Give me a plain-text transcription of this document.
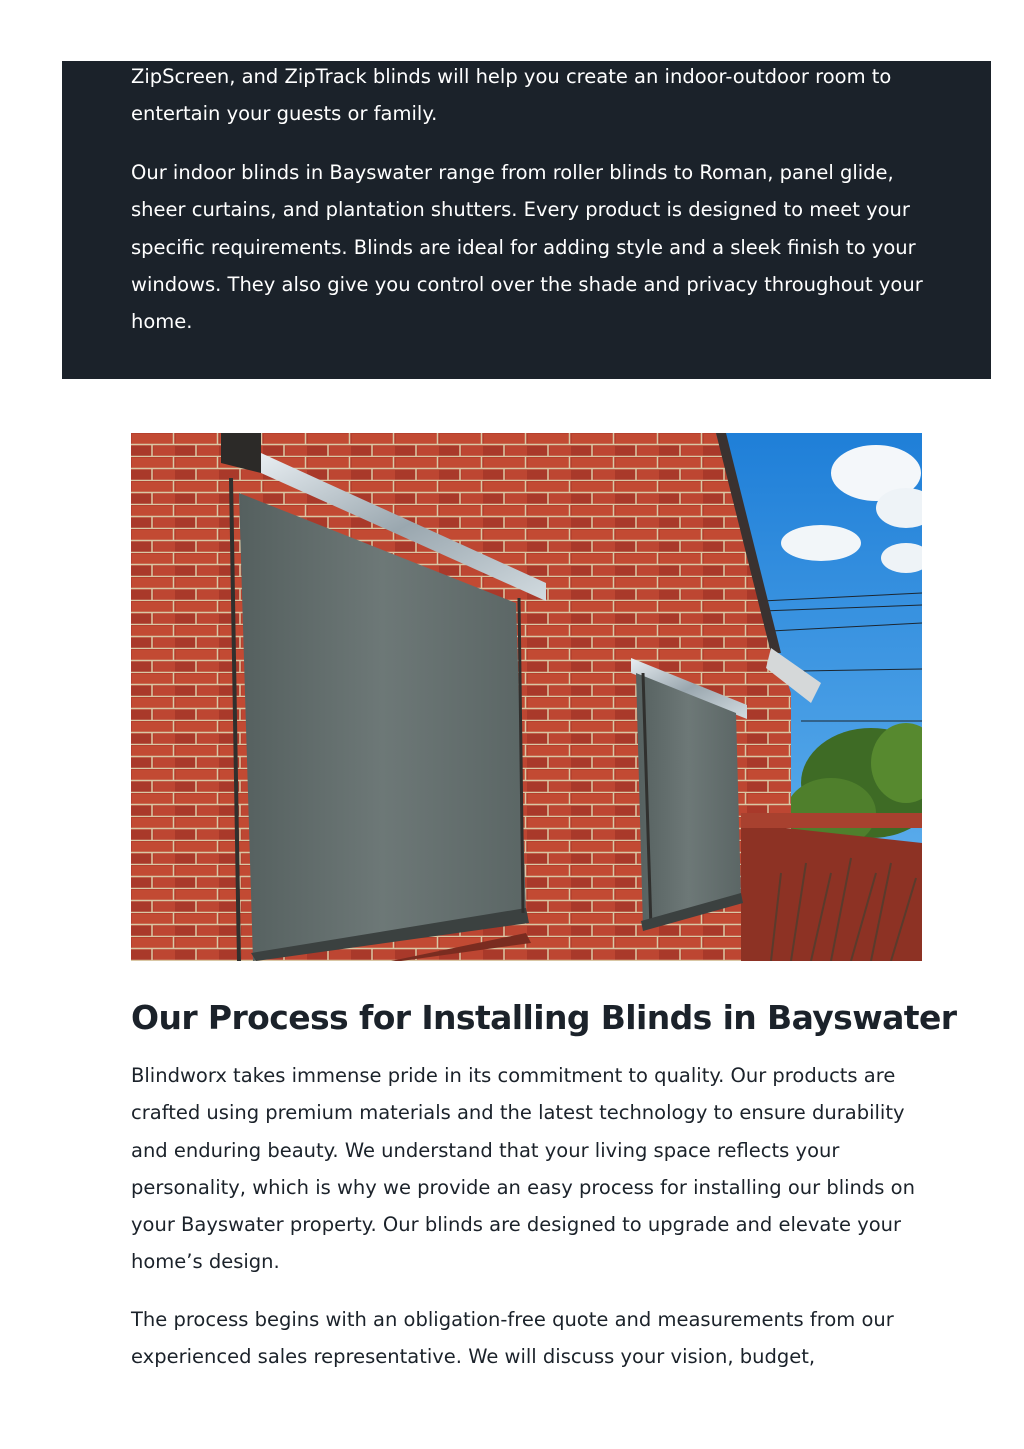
ZipScreen, and ZipTrack blinds will help you create an indoor-outdoor room to entertain your guests or family.

Our indoor blinds in Bayswater range from roller blinds to Roman, panel glide, sheer curtains, and plantation shutters. Every product is designed to meet your specific requirements. Blinds are ideal for adding style and a sleek finish to your windows. They also give you control over the shade and privacy throughout your home.

Our Process for Installing Blinds in Bayswater

Blindworx takes immense pride in its commitment to quality. Our products are crafted using premium materials and the latest technology to ensure durability and enduring beauty. We understand that your living space reflects your personality, which is why we provide an easy process for installing our blinds on your Bayswater property. Our blinds are designed to upgrade and elevate your home’s design.

The process begins with an obligation-free quote and measurements from our experienced sales representative. We will discuss your vision, budget,
